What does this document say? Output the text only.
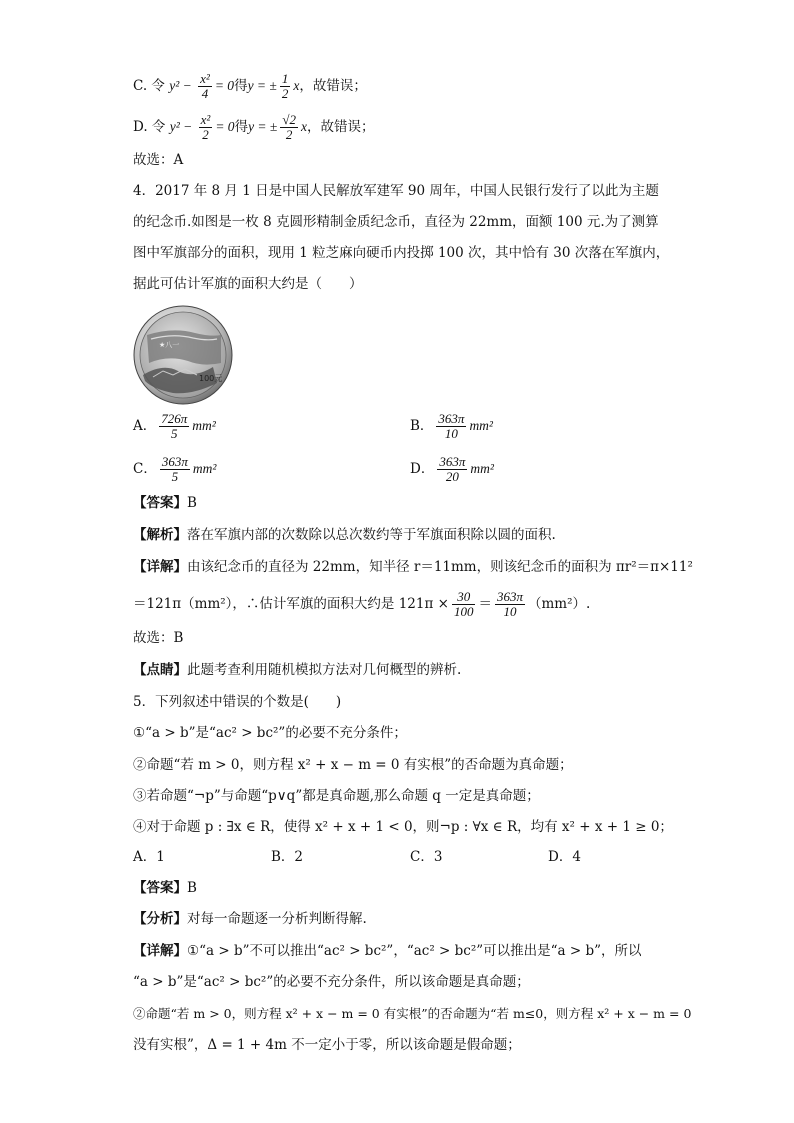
C. 令 $y^2 - \frac{\text{x²}}{4} = 0$得y = ± $\frac{1}{2}$ x，故错误；
D. 令 $y^2 - \frac{\text{x²}}{2} = 0$得y = ± $\frac{√2}{2}$ x，故错误；
故选：A
4．2017 年 8 月 1 日是中国人民解放军建军 90 周年，中国人民银行发行了以此为主题
的纪念币.如图是一枚 8 克圆形精制金质纪念币，直径为 22mm，面额 100 元.为了测算
图中军旗部分的面积，现用 1 粒芝麻向硬币内投掷 100 次，其中恰有 30 次落在军旗内，
据此可估计军旗的面积大约是（　　）
★八一
100元
A． $\frac{726\pi}{5} mm^2$	B． $\frac{363\pi}{10} mm^2$
C． $\frac{363\pi}{5} mm^2$	D． $\frac{363\pi}{20} mm^2$
【答案】B
【解析】落在军旗内部的次数除以总次数约等于军旗面积除以圆的面积.
【详解】由该纪念币的直径为 22mm，知半径 r＝11mm，则该纪念币的面积为 πr²＝π×11²
＝121π（mm²），∴估计军旗的面积大约是 $121\pi \times \frac{30}{100} = \frac{363\pi}{10} (mm^2)$.
故选：B
【点睛】此题考查利用随机模拟方法对几何概型的辨析.
5．下列叙述中错误的个数是(　　)
①“a > b”是“ac² > bc²”的必要不充分条件；
②命题“若 m > 0，则方程 x² + x − m = 0 有实根”的否命题为真命题；
③若命题“¬p”与命题“p∨q”都是真命题,那么命题 q 一定是真命题；
④对于命题 p : ∃x ∈ R，使得 x² + x + 1 < 0，则¬p : ∀x ∈ R，均有 x² + x + 1 ≥ 0；
A．1	B．2	C．3	D．4
【答案】B
【分析】对每一命题逐一分析判断得解.
【详解】①“a > b”不可以推出“ac² > bc²”，“ac² > bc²”可以推出是“a > b”，所以
“a > b”是“ac² > bc²”的必要不充分条件，所以该命题是真命题；
②命题“若 m > 0，则方程 x² + x − m = 0 有实根”的否命题为“若 m≤0，则方程 x² + x − m = 0
没有实根”，Δ = 1 + 4m 不一定小于零，所以该命题是假命题；
